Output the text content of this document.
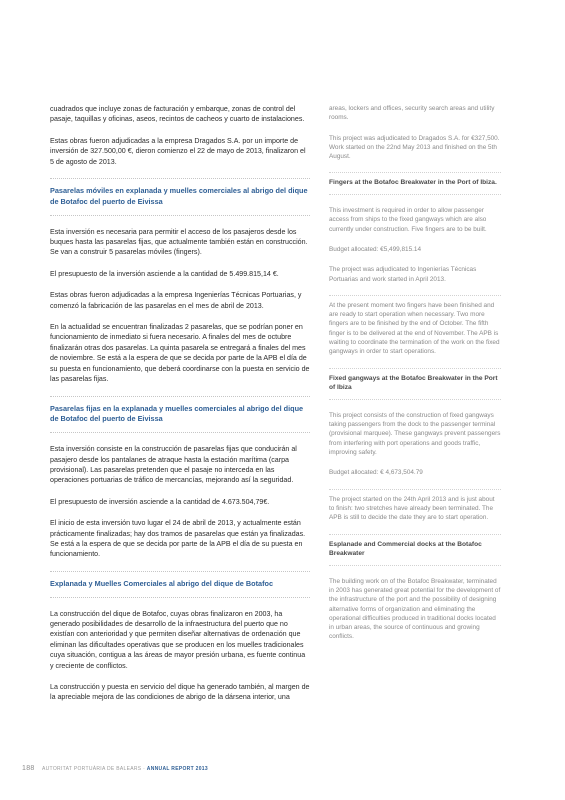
cuadrados que incluye zonas de facturación y embarque, zonas de control del pasaje, taquillas y oficinas, aseos, recintos de cacheos y cuarto de instalaciones.

Estas obras fueron adjudicadas a la empresa Dragados S.A. por un importe de inversión de 327.500,00 €, dieron comienzo el 22 de mayo de 2013, finalizaron el 5 de agosto de 2013.

Pasarelas móviles en explanada y muelles comerciales al abrigo del dique de Botafoc del puerto de Eivissa

Esta inversión es necesaria para permitir el acceso de los pasajeros desde los buques hasta las pasarelas fijas, que actualmente también están en construcción. Se van a construir 5 pasarelas móviles (fingers).

El presupuesto de la inversión asciende a la cantidad de 5.499.815,14 €.

Estas obras fueron adjudicadas a la empresa Ingenierías Técnicas Portuarias, y comenzó la fabricación de las pasarelas en el mes de abril de 2013.

En la actualidad se encuentran finalizadas 2 pasarelas, que se podrían poner en funcionamiento de inmediato si fuera necesario. A finales del mes de octubre finalizarán otras dos pasarelas. La quinta pasarela se entregará a finales del mes de noviembre. Se está a la espera de que se decida por parte de la APB el día de su puesta en funcionamiento, que deberá coordinarse con la puesta en servicio de las pasarelas fijas.

Pasarelas fijas en la explanada y muelles comerciales al abrigo del dique de Botafoc del puerto de Eivissa

Esta inversión consiste en la construcción de pasarelas fijas que conducirán al pasajero desde los pantalanes de atraque hasta la estación marítima (carpa provisional). Las pasarelas pretenden que el pasaje no interceda en las operaciones portuarias de tráfico de mercancías, mejorando así la seguridad.

El presupuesto de inversión asciende a la cantidad de 4.673.504,79€.

El inicio de esta inversión tuvo lugar el 24 de abril de 2013, y actualmente están prácticamente finalizadas; hay dos tramos de pasarelas que están ya finalizadas. Se está a la espera de que se decida por parte de la APB el día de su puesta en funcionamiento.

Explanada y Muelles Comerciales al abrigo del dique de Botafoc

La construcción del dique de Botafoc, cuyas obras finalizaron en 2003, ha generado posibilidades de desarrollo de la infraestructura del puerto que no existían con anterioridad y que permiten diseñar alternativas de ordenación que eliminan las dificultades operativas que se producen en los muelles tradicionales cuya situación, contigua a las áreas de mayor presión urbana, es fuente continua y creciente de conflictos.

La construcción y puesta en servicio del dique ha generado también, al margen de la apreciable mejora de las condiciones de abrigo de la dársena interior, una

areas, lockers and offices, security search areas and utility rooms.

This project was adjudicated to Dragados S.A. for €327,500. Work started on the 22nd May 2013 and finished on the 5th August.

Fingers at the Botafoc Breakwater in the Port of Ibiza.

This investment is required in order to allow passenger access from ships to the fixed gangways which are also currently under construction. Five fingers are to be built.

Budget allocated: €5,499,815.14

The project was adjudicated to Ingenierías Técnicas Portuarias and work started in April 2013.

At the present moment two fingers have been finished and are ready to start operation when necessary. Two more fingers are to be finished by the end of October. The fifth finger is to be delivered at the end of November. The APB is waiting to coordinate the termination of the work on the fixed gangways in order to start operations.

Fixed gangways at the Botafoc Breakwater in the Port of Ibiza

This project consists of the construction of fixed gangways taking passengers from the dock to the passenger terminal (provisional marquee). These gangways prevent passengers from interfering with port operations and goods traffic, improving safety.

Budget allocated: € 4,673,504.79

The project started on the 24th April 2013 and is just about to finish: two stretches have already been terminated. The APB is still to decide the date they are to start operation.

Esplanade and Commercial docks at the Botafoc Breakwater

The building work on of the Botafoc Breakwater, terminated in 2003 has generated great potential for the development of the infrastructure of the port and the possibility of designing alternative forms of organization and eliminating the operational difficulties produced in traditional docks located in urban areas, the source of continuous and growing conflicts.

188 AUTORITAT PORTUÀRIA DE BALEARS · ANNUAL REPORT 2013
